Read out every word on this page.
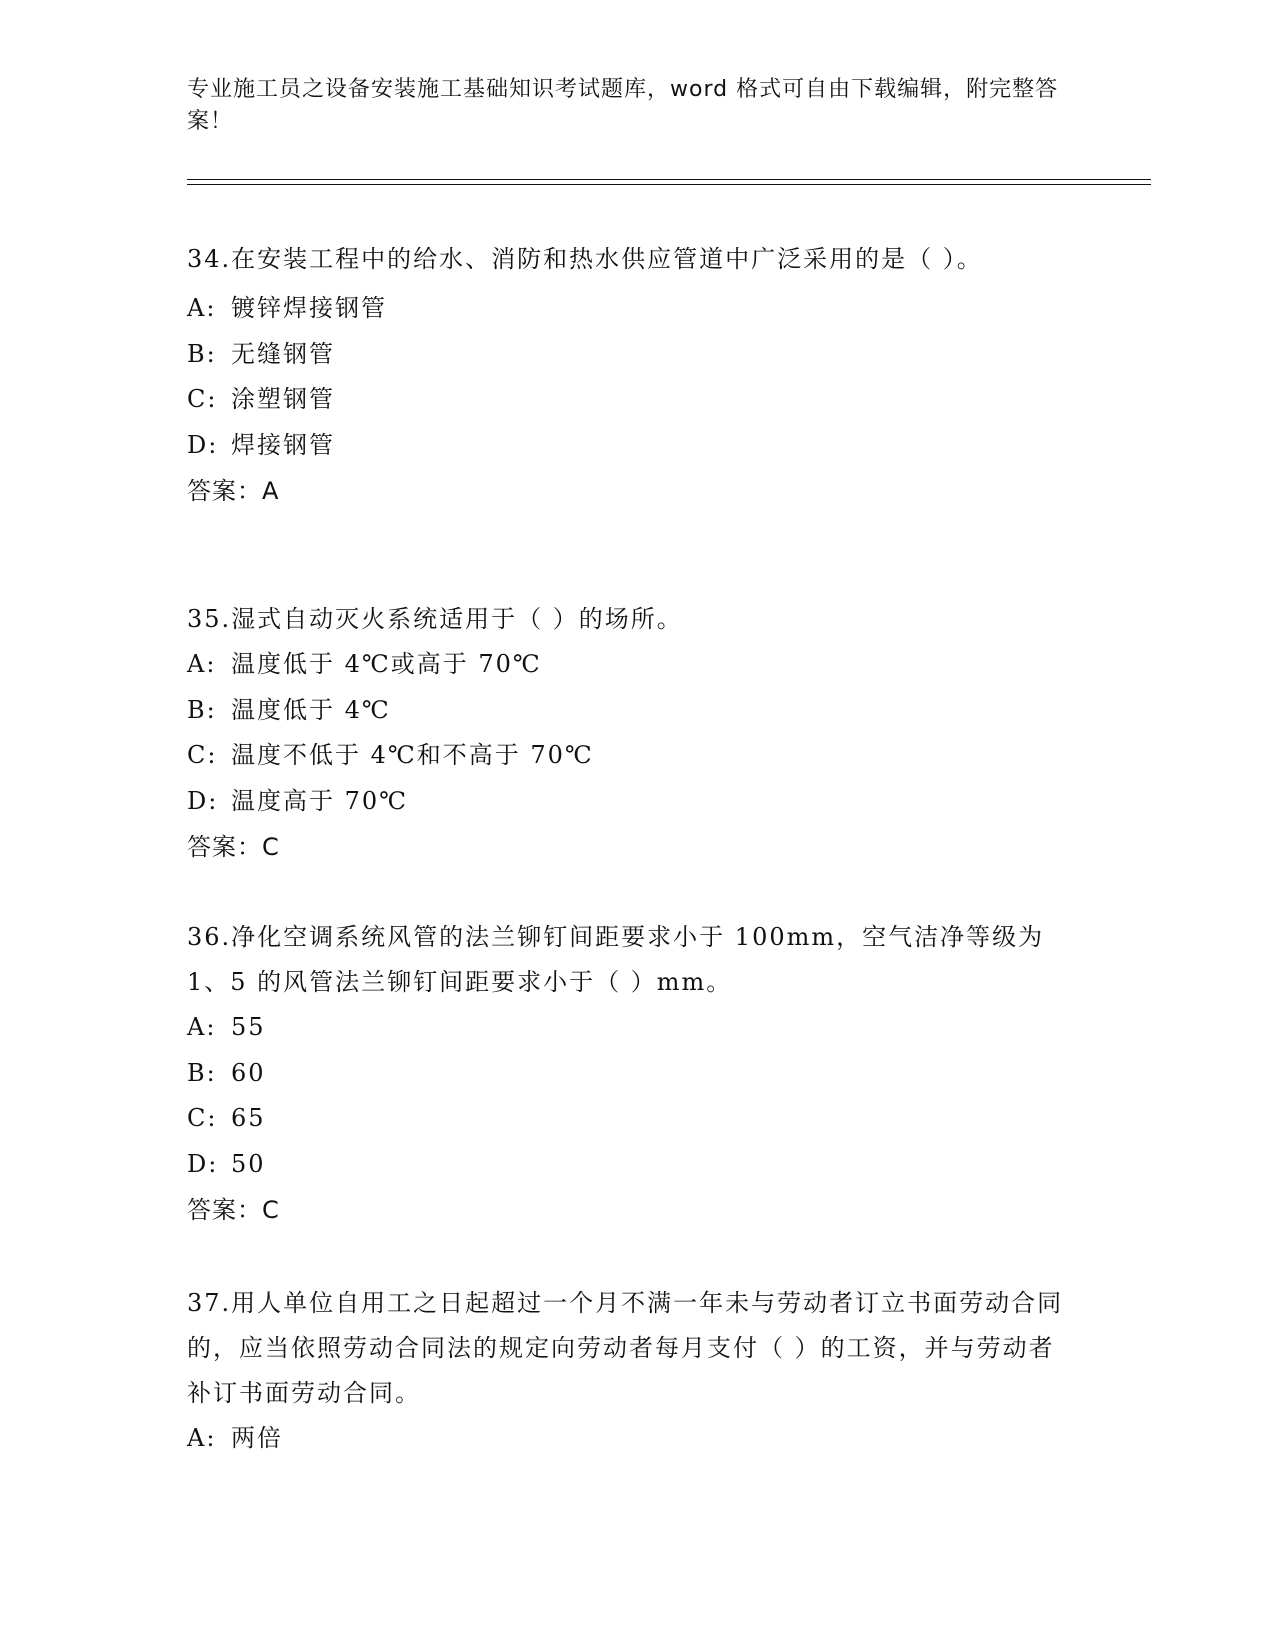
专业施工员之设备安装施工基础知识考试题库，word 格式可自由下载编辑，附完整答案！
34.在安装工程中的给水、消防和热水供应管道中广泛采用的是（ ）。
A: 镀锌焊接钢管
B: 无缝钢管
C: 涂塑钢管
D: 焊接钢管
答案：A
35.湿式自动灭火系统适用于（ ）的场所。
A: 温度低于 4℃或高于 70℃
B: 温度低于 4℃
C: 温度不低于 4℃和不高于 70℃
D: 温度高于 70℃
答案：C
36.净化空调系统风管的法兰铆钉间距要求小于 100mm，空气洁净等级为 1、5 的风管法兰铆钉间距要求小于（ ）mm。
A: 55
B: 60
C: 65
D: 50
答案：C
37.用人单位自用工之日起超过一个月不满一年未与劳动者订立书面劳动合同的，应当依照劳动合同法的规定向劳动者每月支付（ ）的工资，并与劳动者补订书面劳动合同。
A: 两倍
